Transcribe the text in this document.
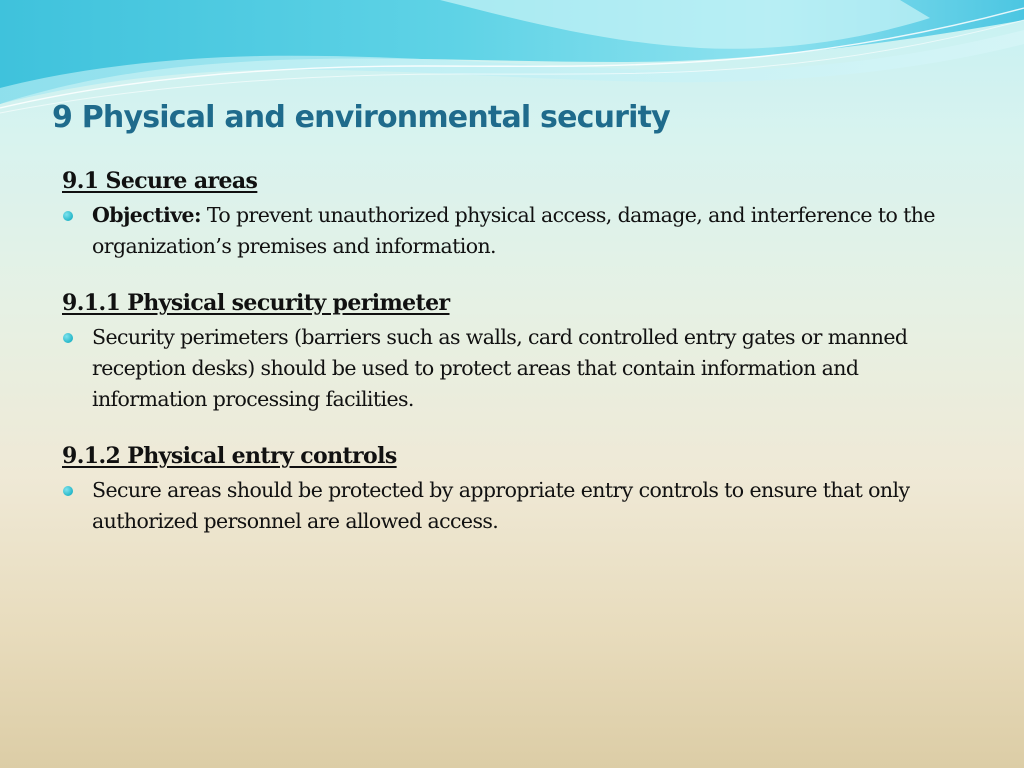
9 Physical and environmental security
9.1 Secure areas
Objective: To prevent unauthorized physical access, damage, and interference to the organization’s premises and information.
9.1.1 Physical security perimeter
Security perimeters (barriers such as walls, card controlled entry gates or manned reception desks) should be used to protect areas that contain information and information processing facilities.
9.1.2 Physical entry controls
Secure areas should be protected by appropriate entry controls to ensure that only authorized personnel are allowed access.
